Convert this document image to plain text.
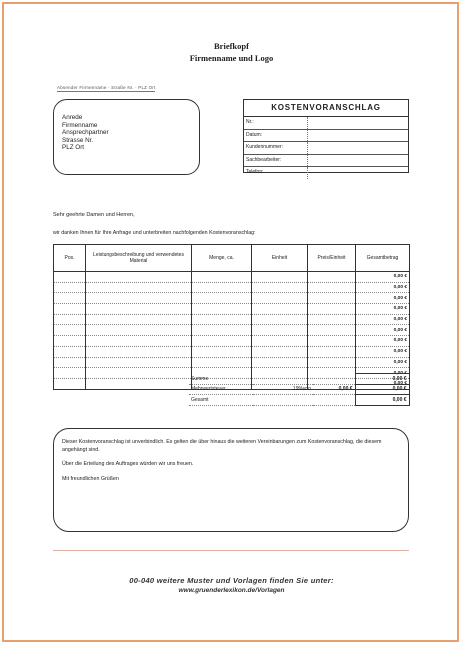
Briefkopf
Firmenname und Logo
Absender Firmenname · Straße Nr. · PLZ Ort
Anrede
Firmenname
Ansprechpartner
Strasse Nr.
PLZ Ort
KOSTENVORANSCHLAG
Nr.:
Datum:
Kundennummer:
Sachbearbeiter:
Telefon:
Sehr geehrte Damen und Herren,
wir danken Ihnen für Ihre Anfrage und unterbreiten nachfolgenden Kostenvoranschlag:
Pos.	Leistungsbeschreibung und verwendetes Material	Menge, ca.	Einheit	Preis/Einheit	Gesamtbetrag
					0,00 €
					0,00 €
					0,00 €
					0,00 €
					0,00 €
					0,00 €
					0,00 €
					0,00 €
					0,00 €
					0,00 €
					0,00 €
Summe			0,00 €
Mehrwertsteuer	19%von	0,00 €	0,00 €
Gesamt			0,00 €

Dieser Kostenvoranschlag ist unverbindlich. Es gelten die über hinaus die weiteren Vereinbarungen zum Kostenvoranschlag, die diesem angehängt sind.

Über die Erteilung des Auftrages würden wir uns freuen.

Mit freundlichen Grüßen

00-040 weitere Muster und Vorlagen finden Sie unter:
www.gruenderlexikon.de/Vorlagen
